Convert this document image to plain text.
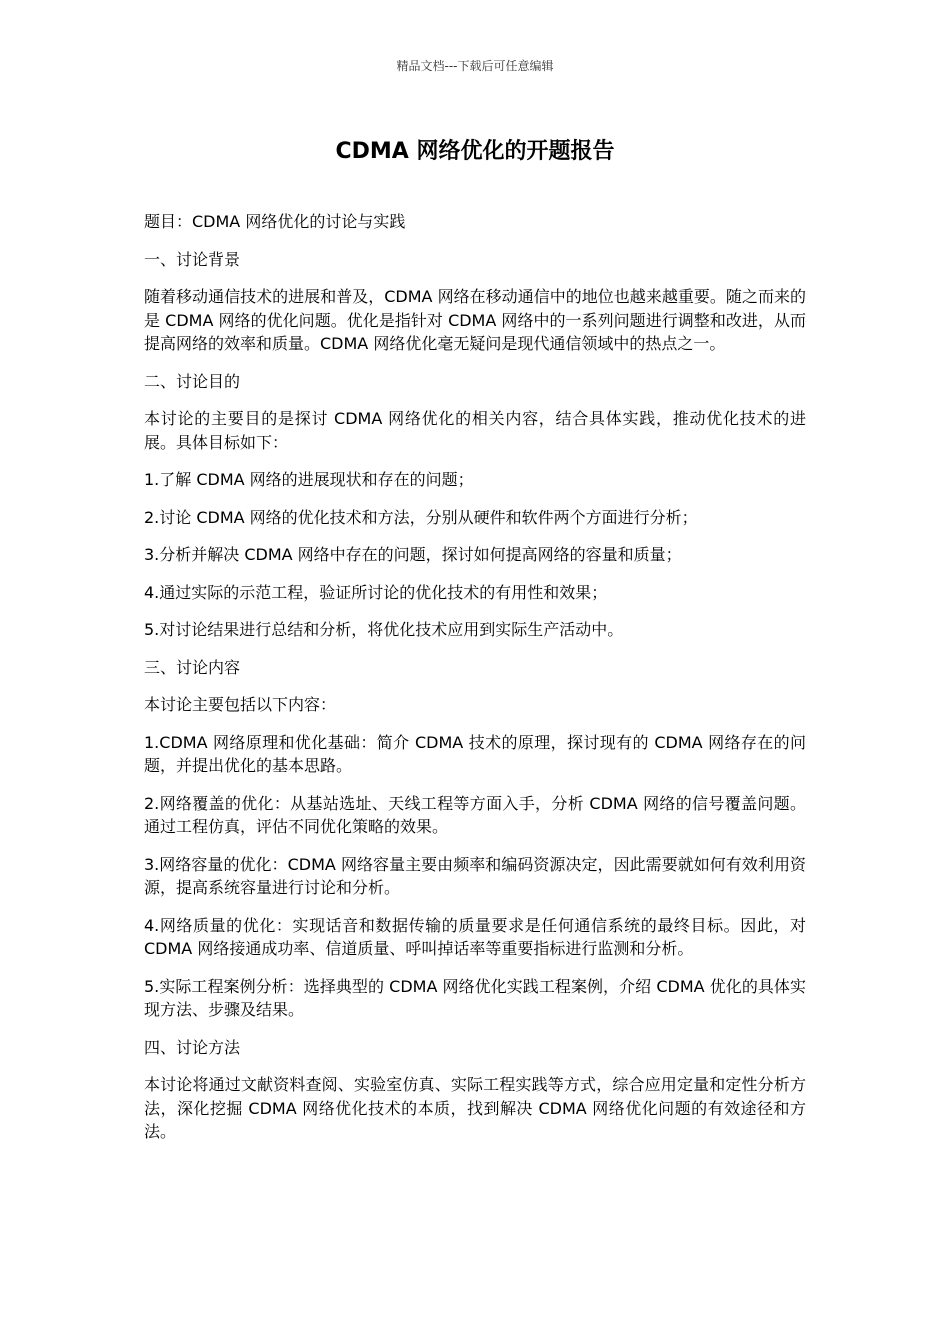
精品文档---下载后可任意编辑
CDMA 网络优化的开题报告

题目：CDMA 网络优化的讨论与实践

一、讨论背景

随着移动通信技术的进展和普及，CDMA 网络在移动通信中的地位也越来越重要。随之而来的是 CDMA 网络的优化问题。优化是指针对 CDMA 网络中的一系列问题进行调整和改进，从而提高网络的效率和质量。CDMA 网络优化毫无疑问是现代通信领域中的热点之一。

二、讨论目的

本讨论的主要目的是探讨 CDMA 网络优化的相关内容，结合具体实践，推动优化技术的进展。具体目标如下：

1.了解 CDMA 网络的进展现状和存在的问题；

2.讨论 CDMA 网络的优化技术和方法，分别从硬件和软件两个方面进行分析；

3.分析并解决 CDMA 网络中存在的问题，探讨如何提高网络的容量和质量；

4.通过实际的示范工程，验证所讨论的优化技术的有用性和效果；

5.对讨论结果进行总结和分析，将优化技术应用到实际生产活动中。

三、讨论内容

本讨论主要包括以下内容：

1.CDMA 网络原理和优化基础：简介 CDMA 技术的原理，探讨现有的 CDMA 网络存在的问题，并提出优化的基本思路。

2.网络覆盖的优化：从基站选址、天线工程等方面入手，分析 CDMA 网络的信号覆盖问题。通过工程仿真，评估不同优化策略的效果。

3.网络容量的优化：CDMA 网络容量主要由频率和编码资源决定，因此需要就如何有效利用资源，提高系统容量进行讨论和分析。

4.网络质量的优化：实现话音和数据传输的质量要求是任何通信系统的最终目标。因此，对 CDMA 网络接通成功率、信道质量、呼叫掉话率等重要指标进行监测和分析。

5.实际工程案例分析：选择典型的 CDMA 网络优化实践工程案例，介绍 CDMA 优化的具体实现方法、步骤及结果。

四、讨论方法

本讨论将通过文献资料查阅、实验室仿真、实际工程实践等方式，综合应用定量和定性分析方法，深化挖掘 CDMA 网络优化技术的本质，找到解决 CDMA 网络优化问题的有效途径和方法。
